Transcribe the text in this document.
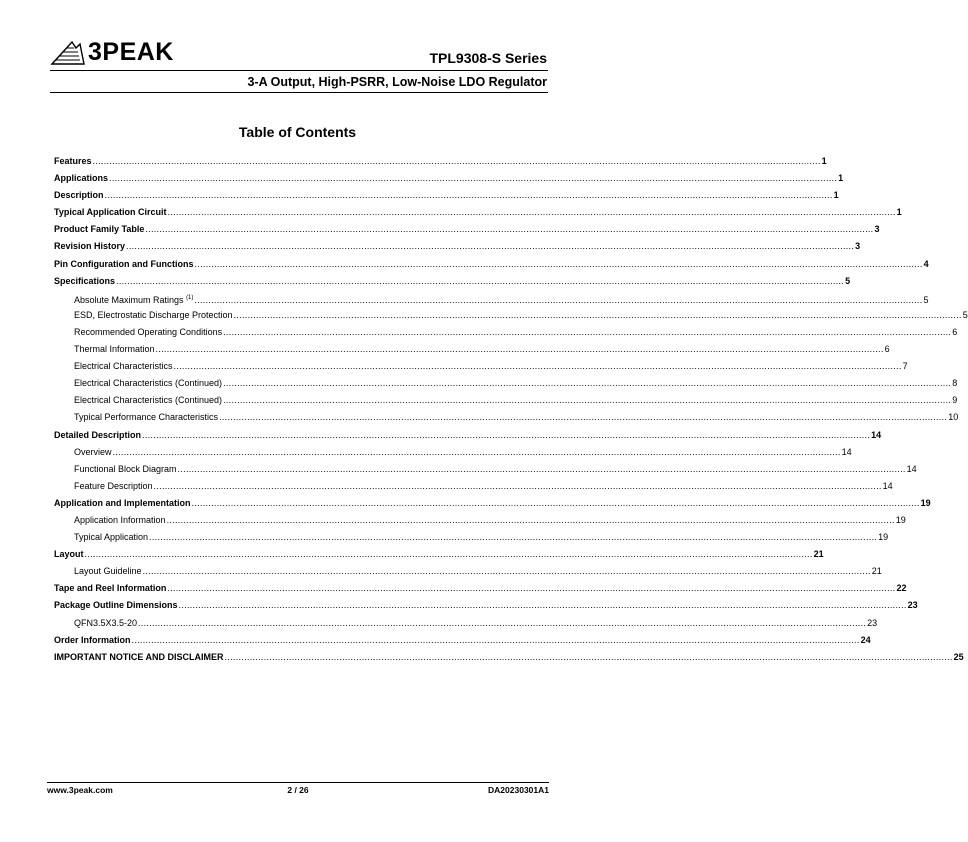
3PEAK	TPL9308-S Series
3-A Output, High-PSRR, Low-Noise LDO Regulator
Table of Contents
Features .................................................................................................................................................................................................................................................................... 1
Applications .................................................................................................................................................................................................................................................................... 1
Description .................................................................................................................................................................................................................................................................... 1
Typical Application Circuit .................................................................................................................................................................................................................................................................... 1
Product Family Table .................................................................................................................................................................................................................................................................... 3
Revision History .................................................................................................................................................................................................................................................................... 3
Pin Configuration and Functions .................................................................................................................................................................................................................................................................... 4
Specifications .................................................................................................................................................................................................................................................................... 5
Absolute Maximum Ratings $^{(1)}$ .................................................................................................................................................................................................................................................................... 5
ESD, Electrostatic Discharge Protection .................................................................................................................................................................................................................................................................... 5
Recommended Operating Conditions .................................................................................................................................................................................................................................................................... 6
Thermal Information .................................................................................................................................................................................................................................................................... 6
Electrical Characteristics .................................................................................................................................................................................................................................................................... 7
Electrical Characteristics (Continued) .................................................................................................................................................................................................................................................................... 8
Electrical Characteristics (Continued) .................................................................................................................................................................................................................................................................... 9
Typical Performance Characteristics .................................................................................................................................................................................................................................................................... 10
Detailed Description .................................................................................................................................................................................................................................................................... 14
Overview .................................................................................................................................................................................................................................................................... 14
Functional Block Diagram .................................................................................................................................................................................................................................................................... 14
Feature Description .................................................................................................................................................................................................................................................................... 14
Application and Implementation .................................................................................................................................................................................................................................................................... 19
Application Information .................................................................................................................................................................................................................................................................... 19
Typical Application .................................................................................................................................................................................................................................................................... 19
Layout .................................................................................................................................................................................................................................................................... 21
Layout Guideline .................................................................................................................................................................................................................................................................... 21
Tape and Reel Information .................................................................................................................................................................................................................................................................... 22
Package Outline Dimensions .................................................................................................................................................................................................................................................................... 23
QFN3.5X3.5-20 .................................................................................................................................................................................................................................................................... 23
Order Information .................................................................................................................................................................................................................................................................... 24
IMPORTANT NOTICE AND DISCLAIMER .................................................................................................................................................................................................................................................................... 25
www.3peak.com	2 / 26	DA20230301A1
